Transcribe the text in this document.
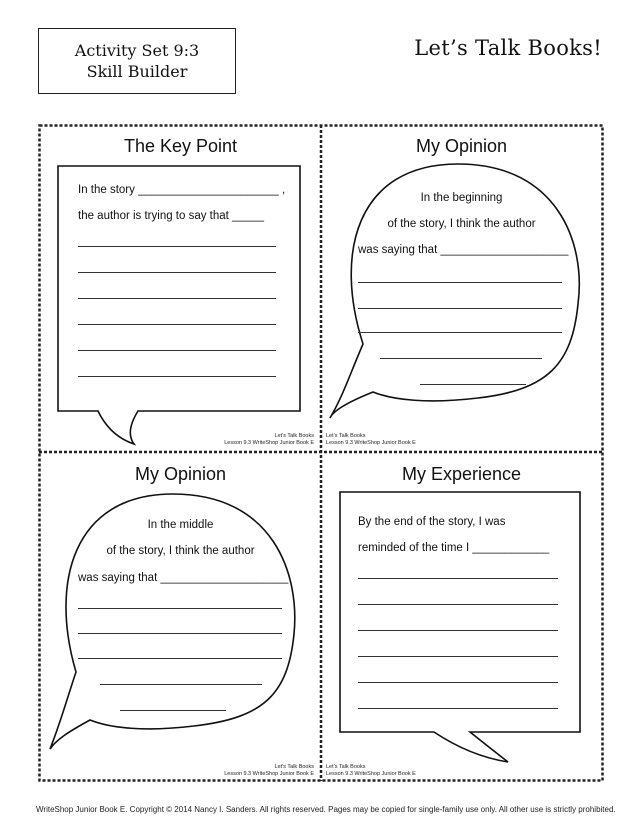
Activity Set 9:3
Skill Builder
Let’s Talk Books!
The Key Point	My Opinion
My Opinion	My Experience
In the story ______________________ ,
the author is trying to say that _____
In the beginning
of the story, I think the author
was saying that ____________________
In the middle
of the story, I think the author
was saying that ____________________
By the end of the story, I was
reminded of the time I ____________
Let's Talk Books
Lesson 9.3 WriteShop Junior Book E
Let's Talk Books
Lesson 9.3 WriteShop Junior Book E
Let's Talk Books
Lesson 9.3 WriteShop Junior Book E
Let's Talk Books
Lesson 9.3 WriteShop Junior Book E
WriteShop Junior Book E. Copyright © 2014 Nancy I. Sanders. All rights reserved. Pages may be copied for single-family use only. All other use is strictly prohibited.
